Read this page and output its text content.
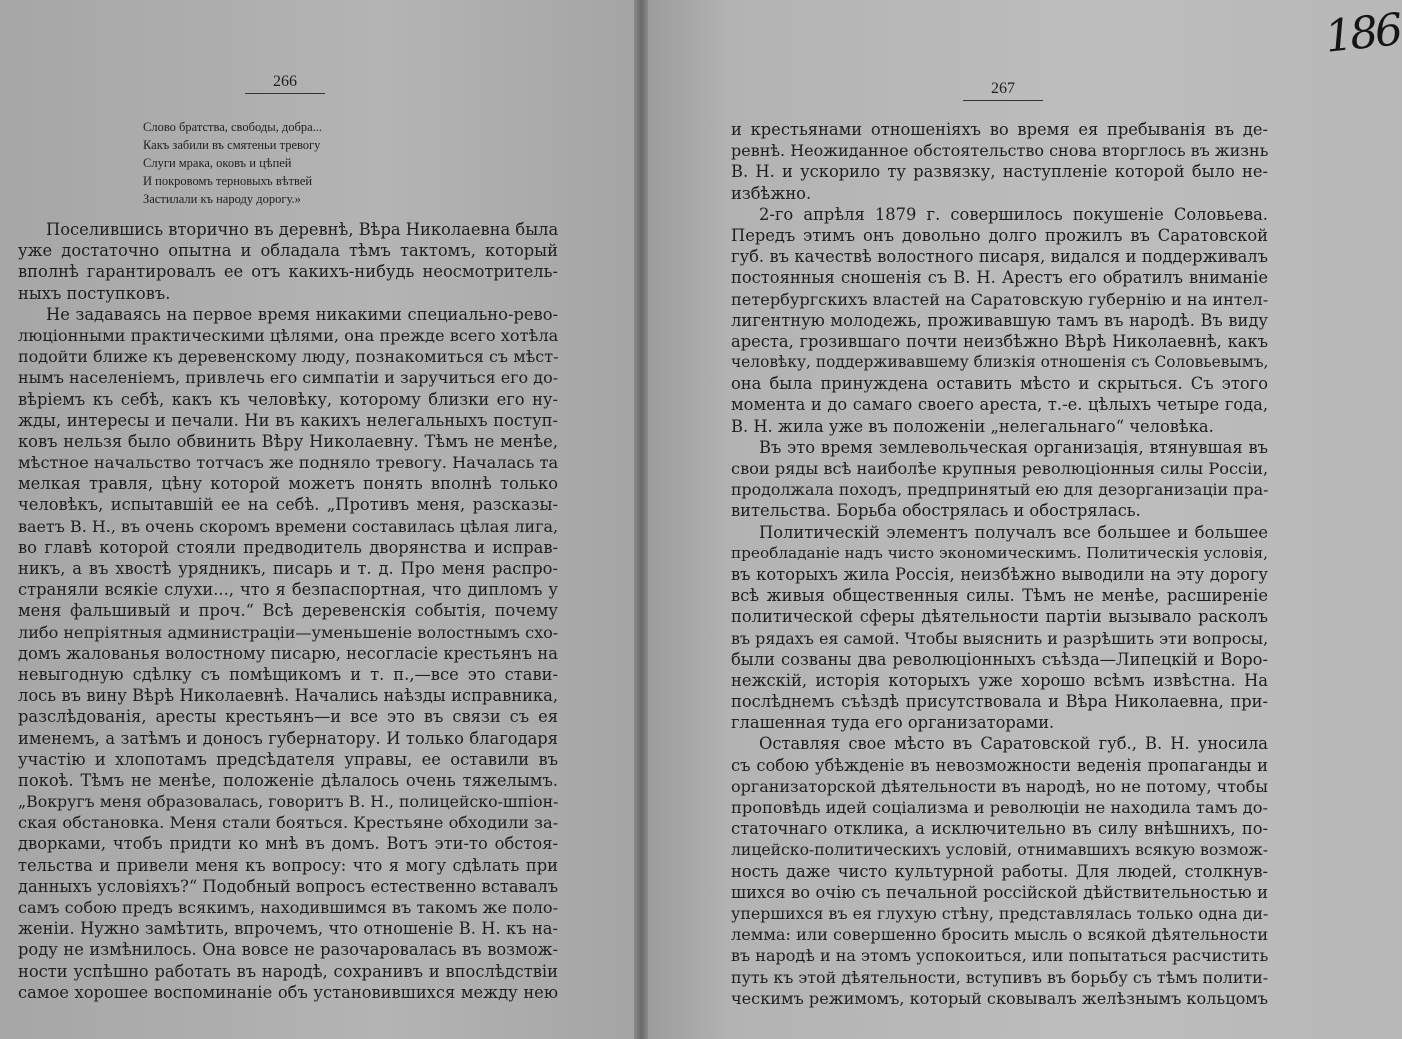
266	267
186
Слово братства, свободы, добра...
Какъ забили въ смятеньи тревогу
Слуги мрака, оковъ и цѣпей
И покровомъ терновыхъ вѣтвей
Застилали къ народу дорогу.»
Поселившись вторично въ деревнѣ, Вѣра Николаевна была
уже достаточно опытна и обладала тѣмъ тактомъ, который
вполнѣ гарантировалъ ее отъ какихъ-нибудь неосмотритель-
ныхъ поступковъ.
Не задаваясь на первое время никакими специально-рево-
люціонными практическими цѣлями, она прежде всего хотѣла
подойти ближе къ деревенскому люду, познакомиться съ мѣст-
нымъ населеніемъ, привлечь его симпатіи и заручиться его до-
вѣріемъ къ себѣ, какъ къ человѣку, которому близки его ну-
жды, интересы и печали. Ни въ какихъ нелегальныхъ поступ-
ковъ нельзя было обвинить Вѣру Николаевну. Тѣмъ не менѣе,
мѣстное начальство тотчасъ же подняло тревогу. Началась та
мелкая травля, цѣну которой можетъ понять вполнѣ только
человѣкъ, испытавшій ее на себѣ. „Противъ меня, разсказы-
ваетъ В. Н., въ очень скоромъ времени составилась цѣлая лига,
во главѣ которой стояли предводитель дворянства и исправ-
никъ, а въ хвостѣ урядникъ, писарь и т. д. Про меня распро-
страняли всякіе слухи..., что я безпаспортная, что дипломъ у
меня фальшивый и проч.“ Всѣ деревенскія событія, почему
либо непріятныя администраціи—уменьшеніе волостнымъ схо-
домъ жалованья волостному писарю, несогласіе крестьянъ на
невыгодную сдѣлку съ помѣщикомъ и т. п.,—все это стави-
лось въ вину Вѣрѣ Николаевнѣ. Начались наѣзды исправника,
разслѣдованія, аресты крестьянъ—и все это въ связи съ ея
именемъ, а затѣмъ и доносъ губернатору. И только благодаря
участію и хлопотамъ предсѣдателя управы, ее оставили въ
покоѣ. Тѣмъ не менѣе, положеніе дѣлалось очень тяжелымъ.
„Вокругъ меня образовалась, говоритъ В. Н., полицейско-шпіон-
ская обстановка. Меня стали бояться. Крестьяне обходили за-
дворками, чтобъ придти ко мнѣ въ домъ. Вотъ эти-то обстоя-
тельства и привели меня къ вопросу: что я могу сдѣлать при
данныхъ условіяхъ?“ Подобный вопросъ естественно вставалъ
самъ собою предъ всякимъ, находившимся въ такомъ же поло-
женіи. Нужно замѣтить, впрочемъ, что отношеніе В. Н. къ на-
роду не измѣнилось. Она вовсе не разочаровалась въ возмож-
ности успѣшно работать въ народѣ, сохранивъ и впослѣдствіи
самое хорошее воспоминаніе объ установившихся между нею
и крестьянами отношеніяхъ во время ея пребыванія въ де-
ревнѣ. Неожиданное обстоятельство снова вторглось въ жизнь
В. Н. и ускорило ту развязку, наступленіе которой было не-
избѣжно.
2-го апрѣля 1879 г. совершилось покушеніе Соловьева.
Передъ этимъ онъ довольно долго прожилъ въ Саратовской
губ. въ качествѣ волостного писаря, видался и поддерживалъ
постоянныя сношенія съ В. Н. Арестъ его обратилъ вниманіе
петербургскихъ властей на Саратовскую губернію и на интел-
лигентную молодежь, проживавшую тамъ въ народѣ. Въ виду
ареста, грозившаго почти неизбѣжно Вѣрѣ Николаевнѣ, какъ
человѣку, поддерживавшему близкія отношенія съ Соловьевымъ,
она была принуждена оставить мѣсто и скрыться. Съ этого
момента и до самаго своего ареста, т.-е. цѣлыхъ четыре года,
В. Н. жила уже въ положеніи „нелегальнаго“ человѣка.
Въ это время землевольческая организація, втянувшая въ
свои ряды всѣ наиболѣе крупныя революціонныя силы Россіи,
продолжала походъ, предпринятый ею для дезорганизаціи пра-
вительства. Борьба обострялась и обострялась.
Политическій элементъ получалъ все большее и большее
преобладаніе надъ чисто экономическимъ. Политическія условія,
въ которыхъ жила Россія, неизбѣжно выводили на эту дорогу
всѣ живыя общественныя силы. Тѣмъ не менѣе, расширеніе
политической сферы дѣятельности партіи вызывало расколъ
въ рядахъ ея самой. Чтобы выяснить и разрѣшить эти вопросы,
были созваны два революціонныхъ съѣзда—Липецкій и Воро-
нежскій, исторія которыхъ уже хорошо всѣмъ извѣстна. На
послѣднемъ съѣздѣ присутствовала и Вѣра Николаевна, при-
глашенная туда его организаторами.
Оставляя свое мѣсто въ Саратовской губ., В. Н. уносила
съ собою убѣжденіе въ невозможности веденія пропаганды и
организаторской дѣятельности въ народѣ, но не потому, чтобы
проповѣдь идей соціализма и революціи не находила тамъ до-
статочнаго отклика, а исключительно въ силу внѣшнихъ, по-
лицейско-политическихъ условій, отнимавшихъ всякую возмож-
ность даже чисто культурной работы. Для людей, столкнув-
шихся во очію съ печальной россійской дѣйствительностью и
упершихся въ ея глухую стѣну, представлялась только одна ди-
лемма: или совершенно бросить мысль о всякой дѣятельности
въ народѣ и на этомъ успокоиться, или попытаться расчистить
путь къ этой дѣятельности, вступивъ въ борьбу съ тѣмъ полити-
ческимъ режимомъ, который сковывалъ желѣзнымъ кольцомъ
